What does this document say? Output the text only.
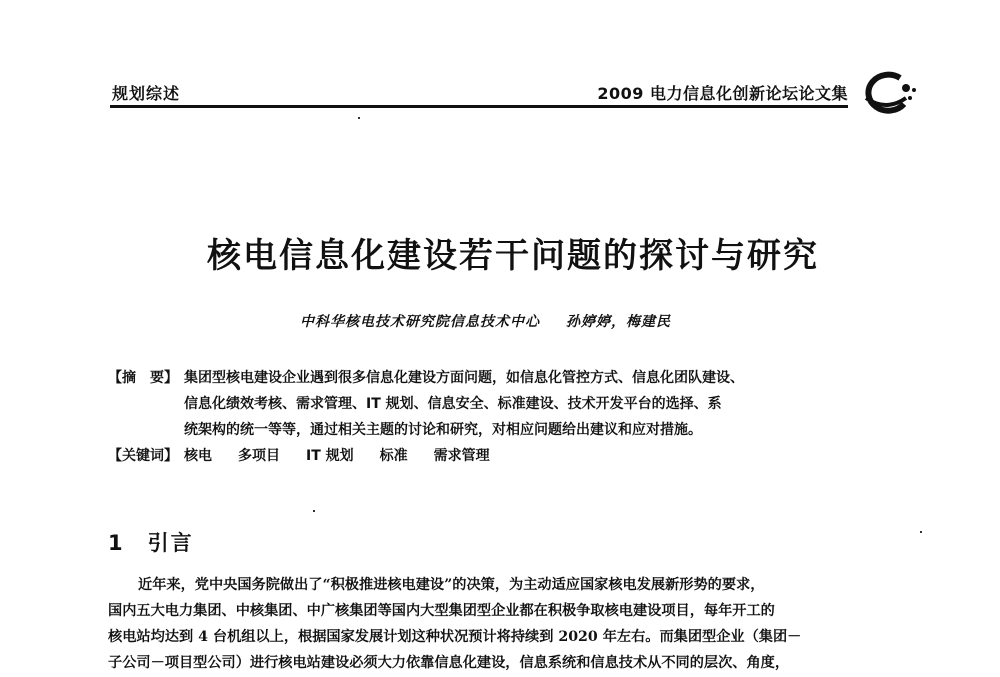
规划综述	2009 电力信息化创新论坛论文集
核电信息化建设若干问题的探讨与研究
中科华核电技术研究院信息技术中心 孙婷婷，梅建民
【摘　要】 集团型核电建设企业遇到很多信息化建设方面问题，如信息化管控方式、信息化团队建设、
信息化绩效考核、需求管理、IT 规划、信息安全、标准建设、技术开发平台的选择、系
统架构的统一等等，通过相关主题的讨论和研究，对相应问题给出建议和应对措施。
【关键词】 核电 多项目 IT 规划 标准 需求管理
1　引言
近年来，党中央国务院做出了“积极推进核电建设”的决策，为主动适应国家核电发展新形势的要求，
国内五大电力集团、中核集团、中广核集团等国内大型集团型企业都在积极争取核电建设项目，每年开工的
核电站均达到 4 台机组以上，根据国家发展计划这种状况预计将持续到 2020 年左右。而集团型企业（集团－
子公司－项目型公司）进行核电站建设必须大力依靠信息化建设，信息系统和信息技术从不同的层次、角度，
